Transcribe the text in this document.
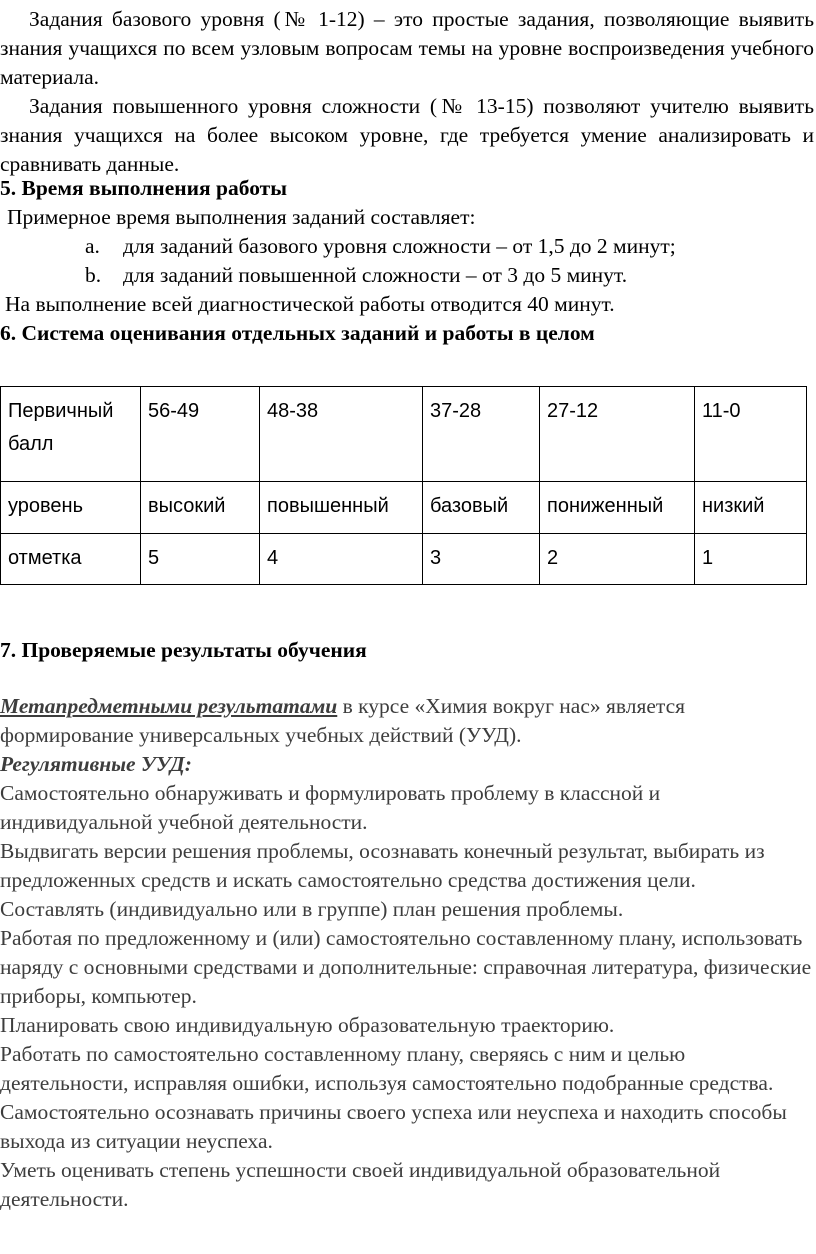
Задания базового уровня (№ 1-12) – это простые задания, позволяющие выявить знания учащихся по всем узловым вопросам темы на уровне воспроизведения учебного материала.

Задания повышенного уровня сложности (№ 13-15) позволяют учителю выявить знания учащихся на более высоком уровне, где требуется умение анализировать и сравнивать данные.

5. Время выполнения работы

Примерное время выполнения заданий составляет:

a. для заданий базового уровня сложности – от 1,5 до 2 минут;
b. для заданий повышенной сложности – от 3 до 5 минут.

На выполнение всей диагностической работы отводится 40 минут.

6. Система оценивания отдельных заданий и работы в целом

Первичный балл	56-49	48-38	37-28	27-12	11-0
уровень	высокий	повышенный	базовый	пониженный	низкий
отметка	5	4	3	2	1

7. Проверяемые результаты обучения

Метапредметными результатами в курсе «Химия вокруг нас» является формирование универсальных учебных действий (УУД).
Регулятивные УУД:
Самостоятельно обнаруживать и формулировать проблему в классной и индивидуальной учебной деятельности.
Выдвигать версии решения проблемы, осознавать конечный результат, выбирать из предложенных средств и искать самостоятельно средства достижения цели.
Составлять (индивидуально или в группе) план решения проблемы.
Работая по предложенному и (или) самостоятельно составленному плану, использовать наряду с основными средствами и дополнительные: справочная литература, физические приборы, компьютер.
Планировать свою индивидуальную образовательную траекторию.
Работать по самостоятельно составленному плану, сверяясь с ним и целью деятельности, исправляя ошибки, используя самостоятельно подобранные средства.
Самостоятельно осознавать причины своего успеха или неуспеха и находить способы выхода из ситуации неуспеха.
Уметь оценивать степень успешности своей индивидуальной образовательной деятельности.
